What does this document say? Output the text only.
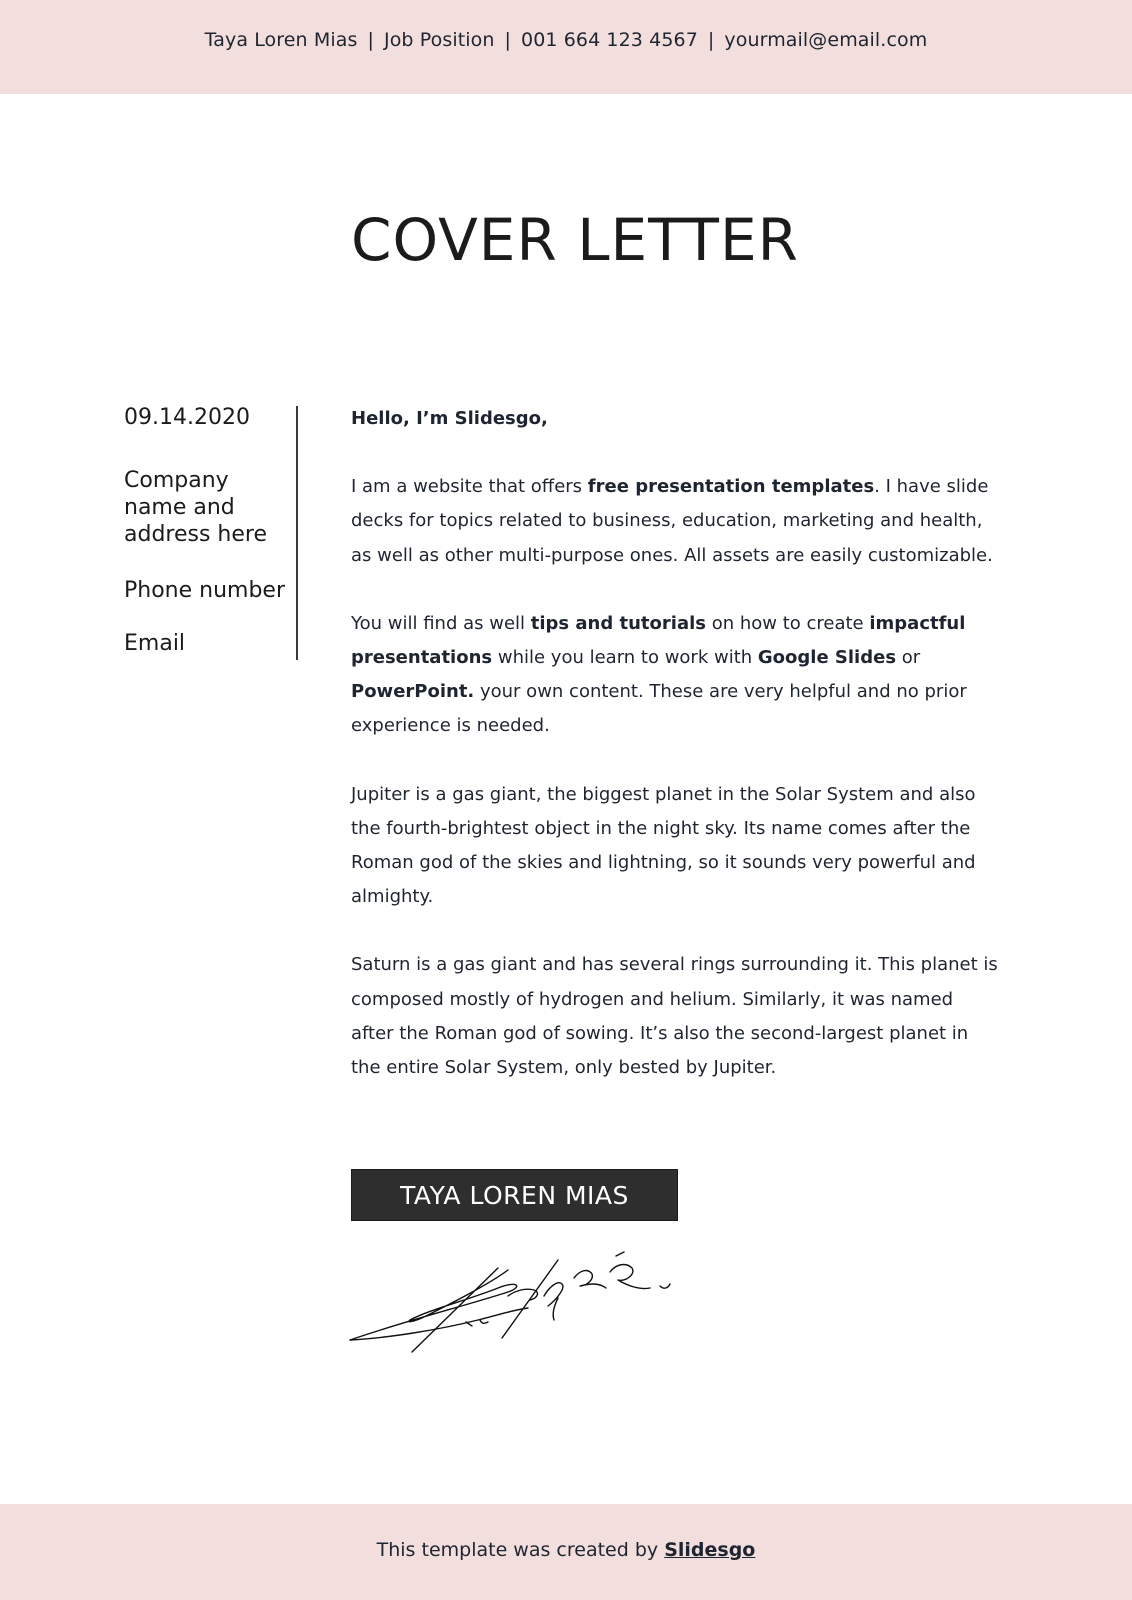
Taya Loren Mias | Job Position | 001 664 123 4567 | yourmail@email.com
COVER LETTER
09.14.2020
Company name and address here
Phone number
Email

Hello, I’m Slidesgo,

I am a website that offers free presentation templates. I have slide decks for topics related to business, education, marketing and health, as well as other multi-purpose ones. All assets are easily customizable.

You will find as well tips and tutorials on how to create impactful presentations while you learn to work with Google Slides or PowerPoint. your own content. These are very helpful and no prior experience is needed.

Jupiter is a gas giant, the biggest planet in the Solar System and also the fourth-brightest object in the night sky. Its name comes after the Roman god of the skies and lightning, so it sounds very powerful and almighty.

Saturn is a gas giant and has several rings surrounding it. This planet is composed mostly of hydrogen and helium. Similarly, it was named after the Roman god of sowing. It’s also the second-largest planet in the entire Solar System, only bested by Jupiter.

TAYA LOREN MIAS
This template was created by Slidesgo
